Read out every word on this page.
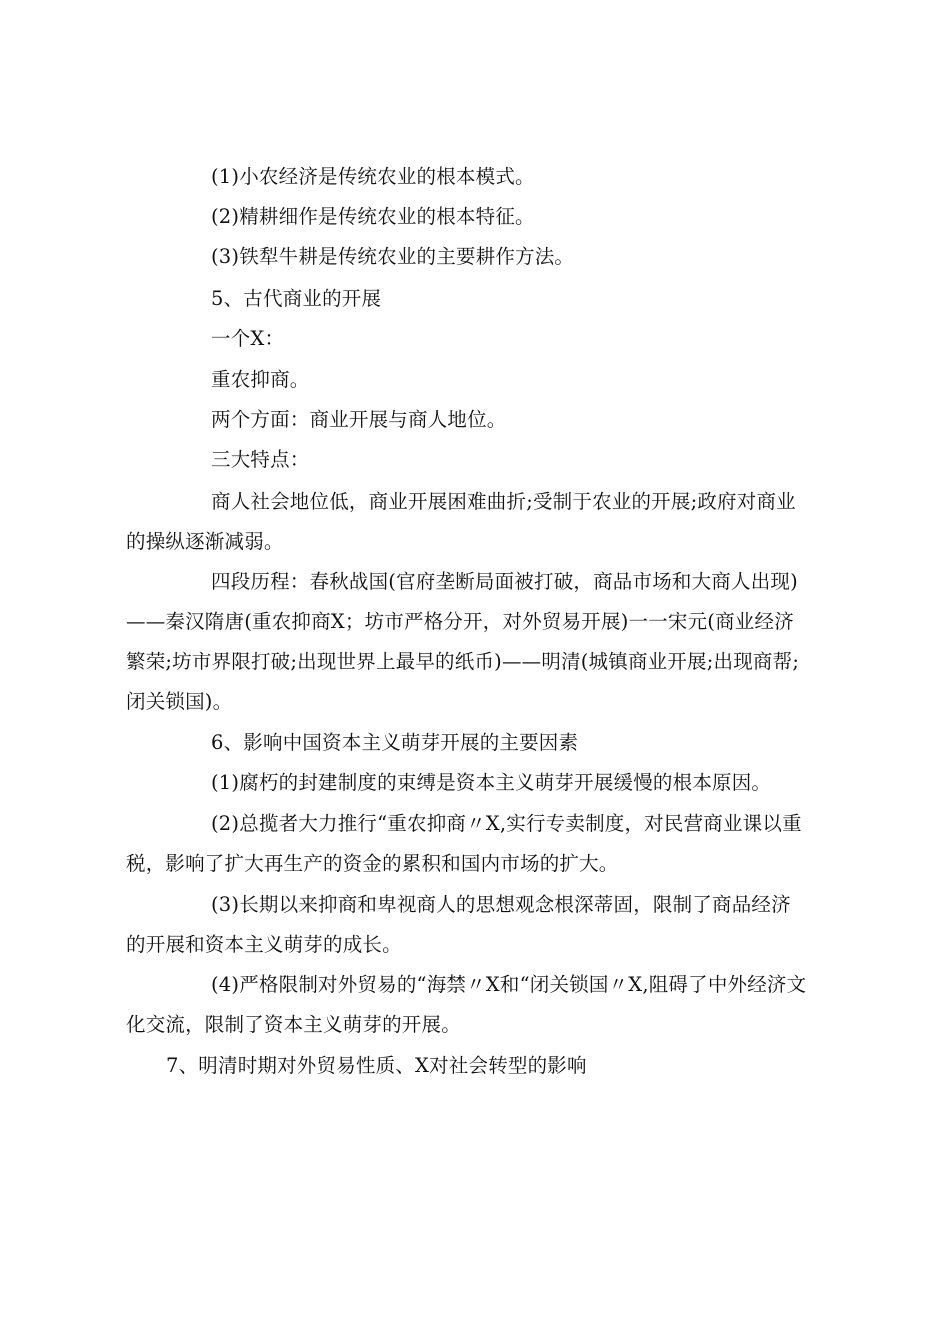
(1)小农经济是传统农业的根本模式。
(2)精耕细作是传统农业的根本特征。
(3)铁犁牛耕是传统农业的主要耕作方法。
5、古代商业的开展
一个X：
重农抑商。
两个方面：商业开展与商人地位。
三大特点：
商人社会地位低，商业开展困难曲折;受制于农业的开展;政府对商业
的操纵逐渐减弱。
四段历程：春秋战国(官府垄断局面被打破，商品市场和大商人出现)
——秦汉隋唐(重农抑商X；坊市严格分开，对外贸易开展)一一宋元(商业经济
繁荣;坊市界限打破;出现世界上最早的纸币)——明清(城镇商业开展;出现商帮;
闭关锁国)。
6、影响中国资本主义萌芽开展的主要因素
(1)腐朽的封建制度的束缚是资本主义萌芽开展缓慢的根本原因。
(2)总揽者大力推行“重农抑商〃X,实行专卖制度，对民营商业课以重
税，影响了扩大再生产的资金的累积和国内市场的扩大。
(3)长期以来抑商和卑视商人的思想观念根深蒂固，限制了商品经济
的开展和资本主义萌芽的成长。
(4)严格限制对外贸易的“海禁〃X和“闭关锁国〃X,阻碍了中外经济文
化交流，限制了资本主义萌芽的开展。
7、明清时期对外贸易性质、X对社会转型的影响
